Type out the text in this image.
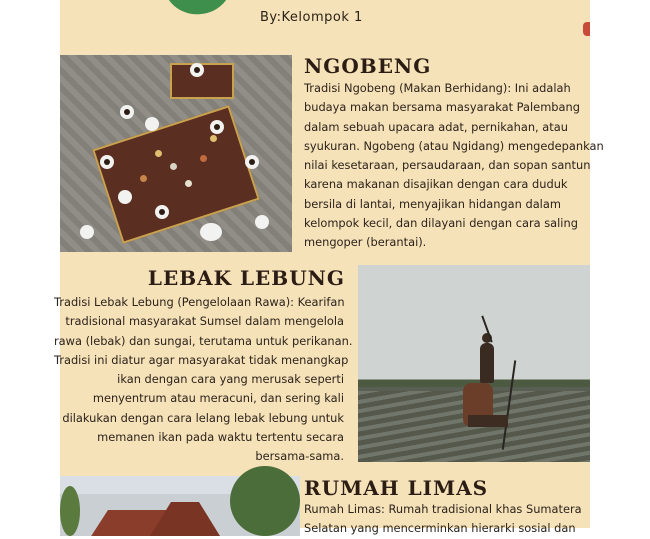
By:Kelompok 1
NGOBENG
Tradisi Ngobeng (Makan Berhidang): Ini adalah
budaya makan bersama masyarakat Palembang
dalam sebuah upacara adat, pernikahan, atau
syukuran. Ngobeng (atau Ngidang) mengedepankan
nilai kesetaraan, persaudaraan, dan sopan santun
karena makanan disajikan dengan cara duduk
bersila di lantai, menyajikan hidangan dalam
kelompok kecil, dan dilayani dengan cara saling
mengoper (berantai).
LEBAK LEBUNG
Tradisi Lebak Lebung (Pengelolaan Rawa): Kearifan
tradisional masyarakat Sumsel dalam mengelola
rawa (lebak) dan sungai, terutama untuk perikanan.
Tradisi ini diatur agar masyarakat tidak menangkap
ikan dengan cara yang merusak seperti
menyentrum atau meracuni, dan sering kali
dilakukan dengan cara lelang lebak lebung untuk
memanen ikan pada waktu tertentu secara
bersama-sama.
RUMAH LIMAS
Rumah Limas: Rumah tradisional khas Sumatera
Selatan yang mencerminkan hierarki sosial dan
